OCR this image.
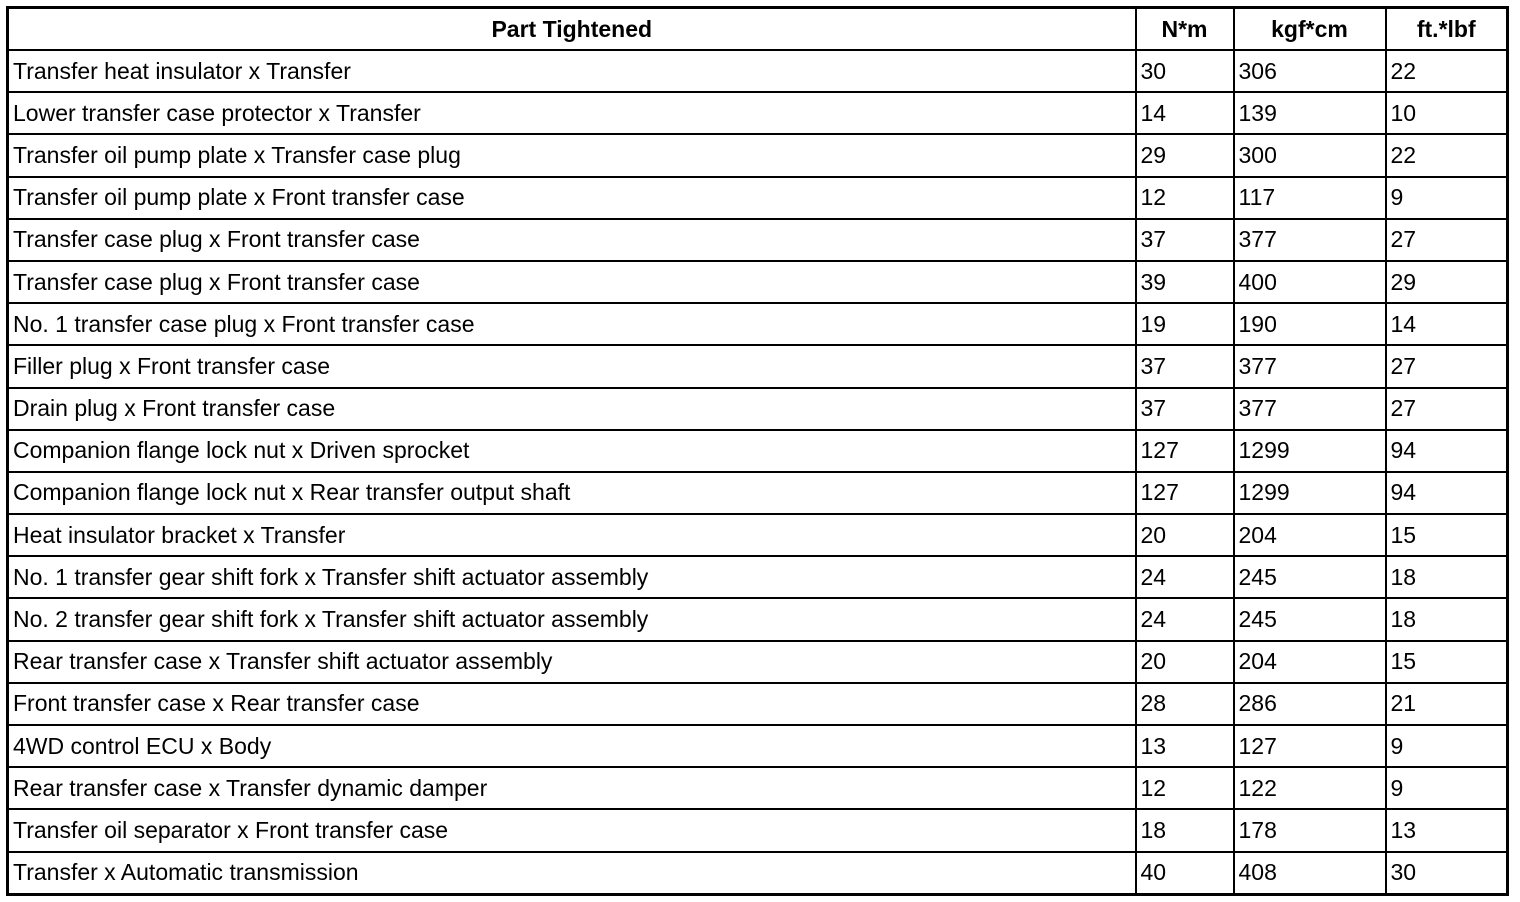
Part Tightened	N*m	kgf*cm	ft.*lbf
Transfer heat insulator x Transfer	30	306	22
Lower transfer case protector x Transfer	14	139	10
Transfer oil pump plate x Transfer case plug	29	300	22
Transfer oil pump plate x Front transfer case	12	117	9
Transfer case plug x Front transfer case	37	377	27
Transfer case plug x Front transfer case	39	400	29
No. 1 transfer case plug x Front transfer case	19	190	14
Filler plug x Front transfer case	37	377	27
Drain plug x Front transfer case	37	377	27
Companion flange lock nut x Driven sprocket	127	1299	94
Companion flange lock nut x Rear transfer output shaft	127	1299	94
Heat insulator bracket x Transfer	20	204	15
No. 1 transfer gear shift fork x Transfer shift actuator assembly	24	245	18
No. 2 transfer gear shift fork x Transfer shift actuator assembly	24	245	18
Rear transfer case x Transfer shift actuator assembly	20	204	15
Front transfer case x Rear transfer case	28	286	21
4WD control ECU x Body	13	127	9
Rear transfer case x Transfer dynamic damper	12	122	9
Transfer oil separator x Front transfer case	18	178	13
Transfer x Automatic transmission	40	408	30
